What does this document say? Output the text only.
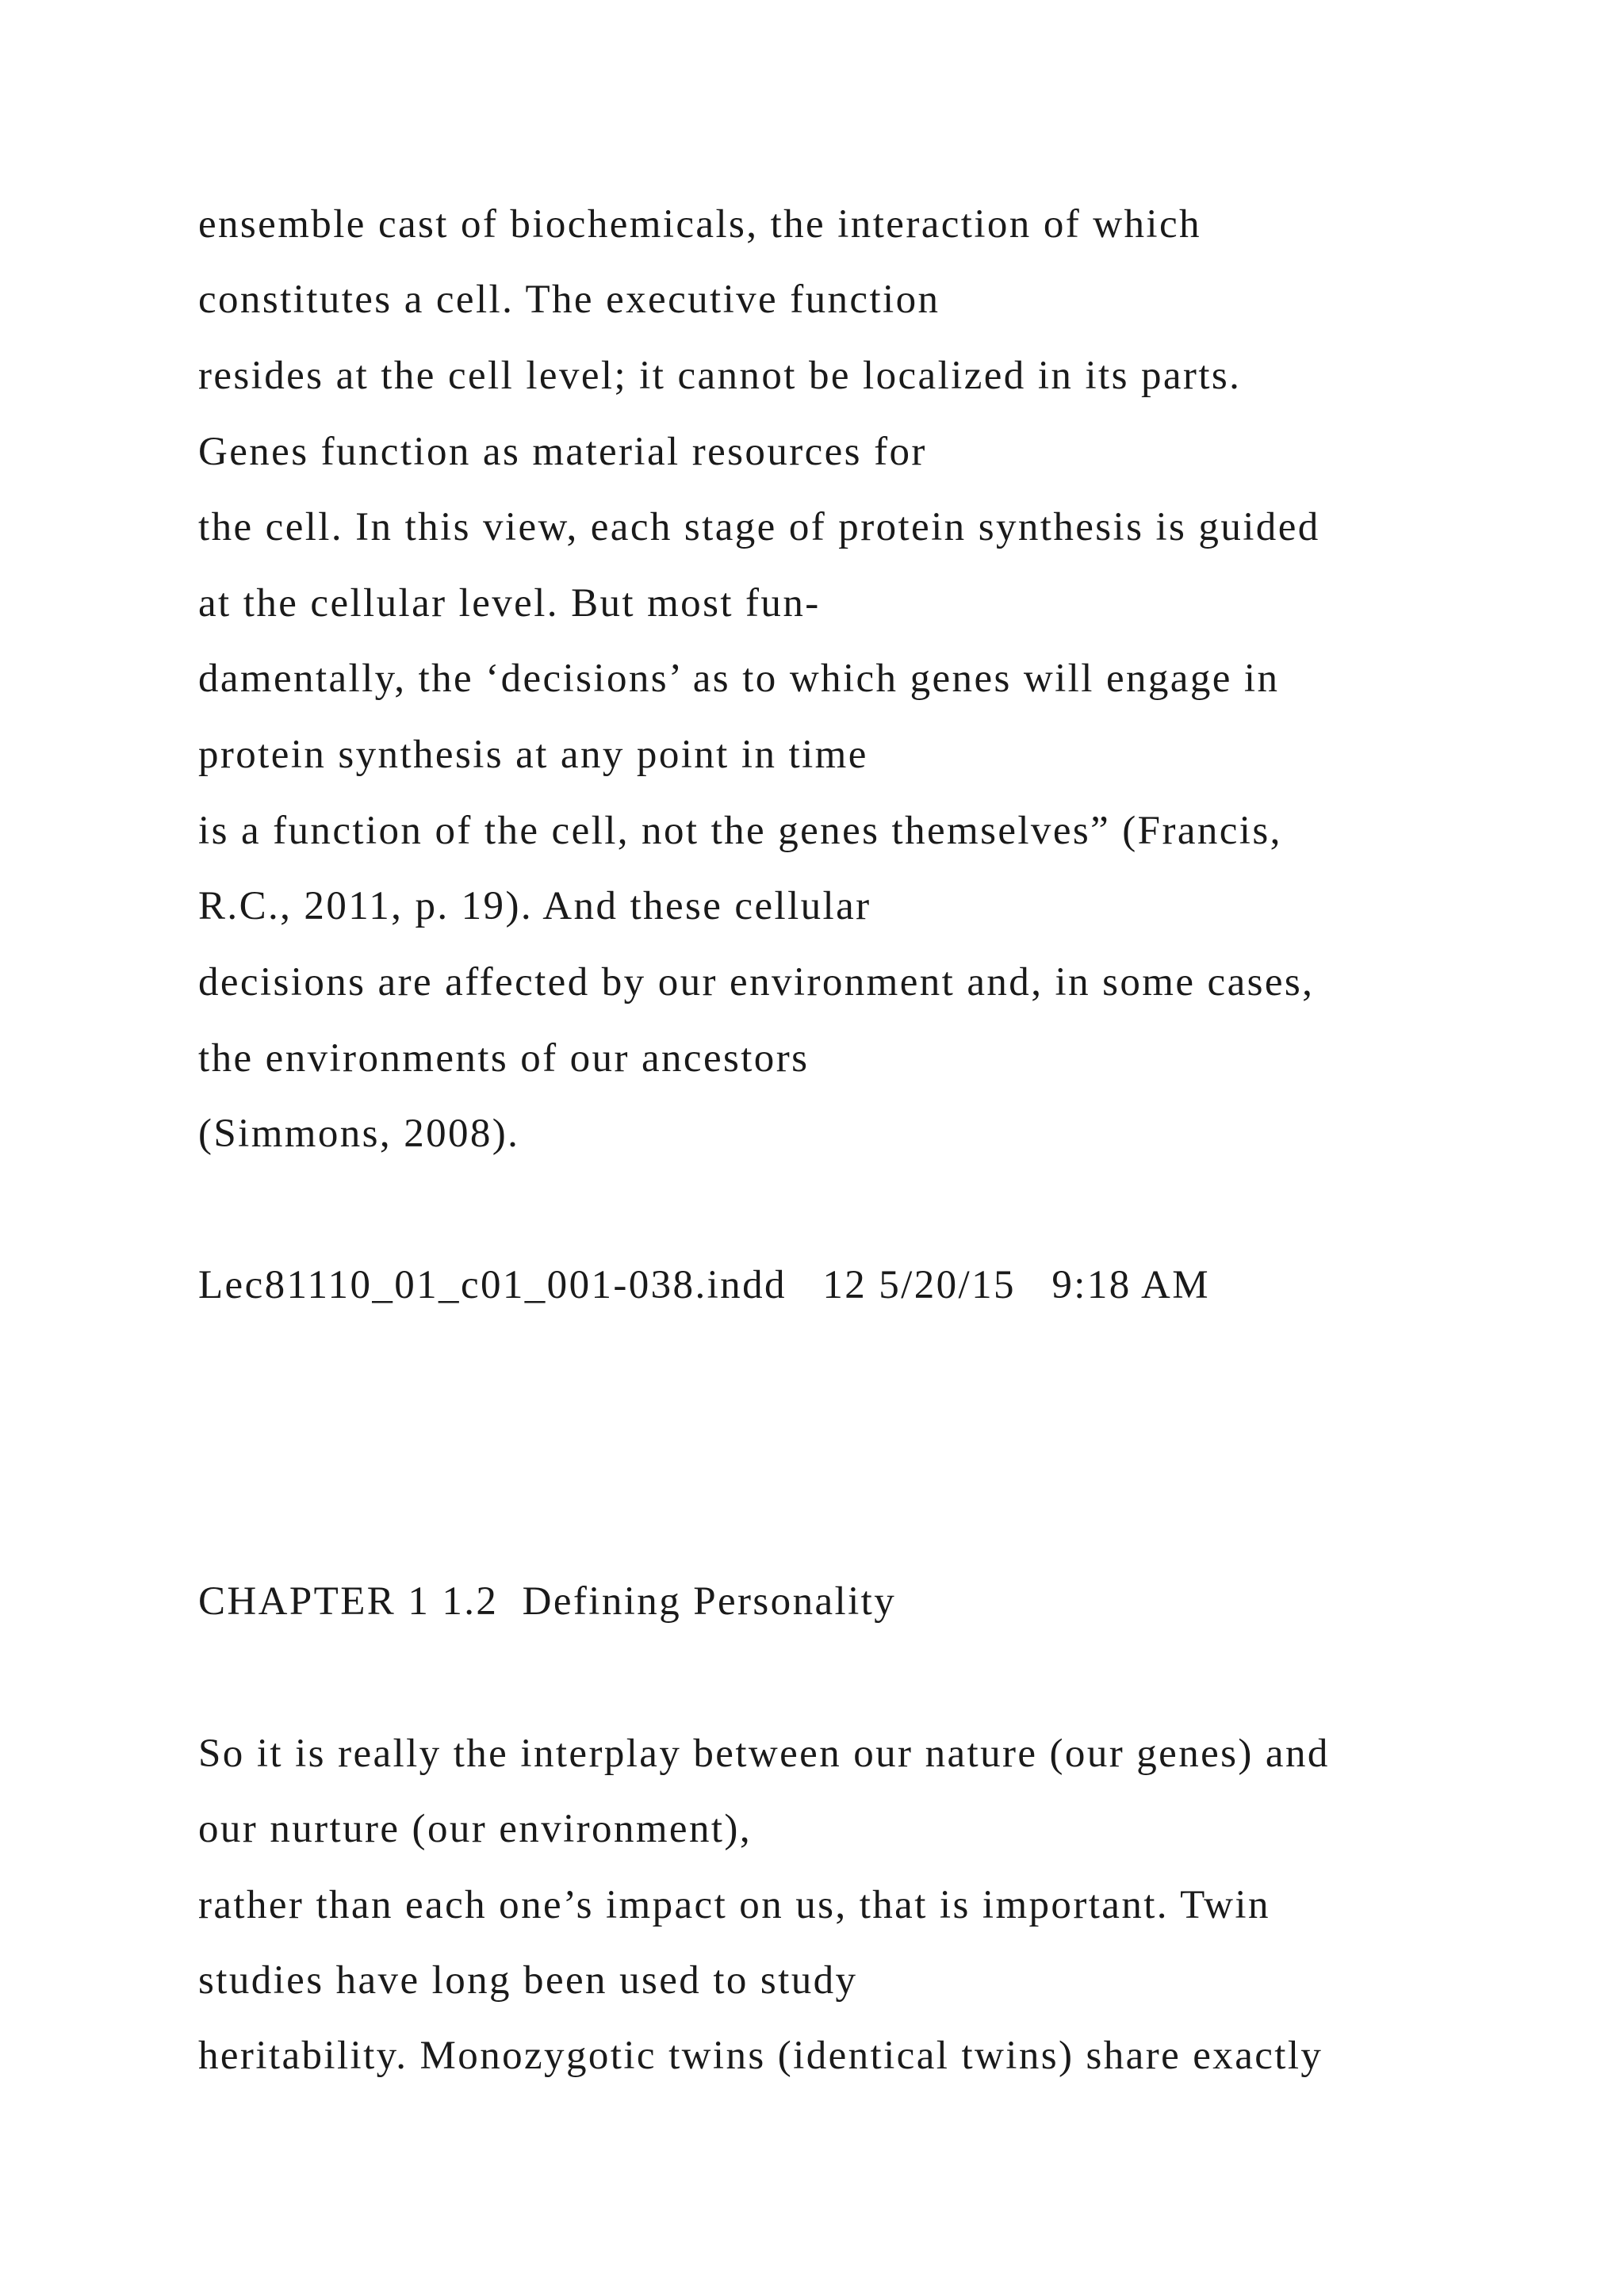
ensemble cast of biochemicals, the interaction of which
constitutes a cell. The executive function
resides at the cell level; it cannot be localized in its parts.
Genes function as material resources for
the cell. In this view, each stage of protein synthesis is guided
at the cellular level. But most fun-
damentally, the ‘decisions’ as to which genes will engage in
protein synthesis at any point in time
is a function of the cell, not the genes themselves” (Francis,
R.C., 2011, p. 19). And these cellular
decisions are affected by our environment and, in some cases,
the environments of our ancestors
(Simmons, 2008).
Lec81110_01_c01_001-038.indd   12 5/20/15   9:18 AM
CHAPTER 1 1.2  Defining Personality
So it is really the interplay between our nature (our genes) and
our nurture (our environment),
rather than each one’s impact on us, that is important. Twin
studies have long been used to study
heritability. Monozygotic twins (identical twins) share exactly
